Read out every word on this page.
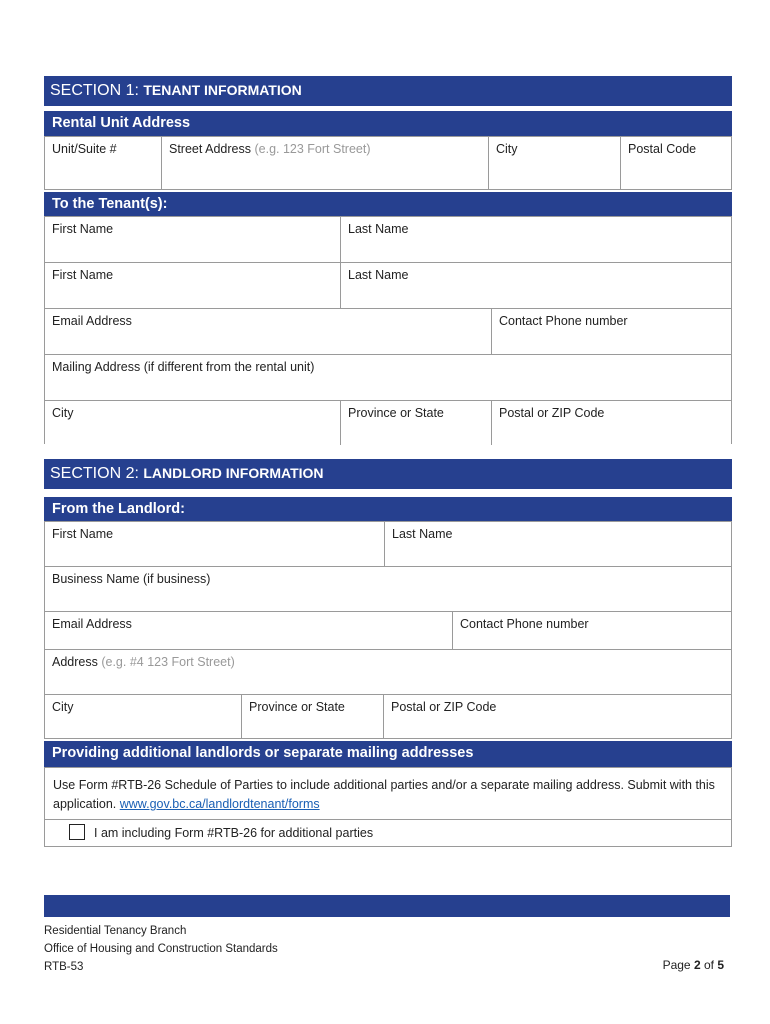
SECTION 1: TENANT INFORMATION
Rental Unit Address
Unit/Suite #	Street Address (e.g. 123 Fort Street)	City	Postal Code
To the Tenant(s):
First Name	Last Name
First Name	Last Name
Email Address	Contact Phone number
Mailing Address (if different from the rental unit)
City	Province or State	Postal or ZIP Code
SECTION 2: LANDLORD INFORMATION
From the Landlord:
First Name	Last Name
Business Name (if business)
Email Address	Contact Phone number
Address (e.g. #4 123 Fort Street)
City	Province or State	Postal or ZIP Code
Providing additional landlords or separate mailing addresses
Use Form #RTB-26 Schedule of Parties to include additional parties and/or a separate mailing address. Submit with this application. www.gov.bc.ca/landlordtenant/forms
I am including Form #RTB-26 for additional parties
Residential Tenancy Branch
Office of Housing and Construction Standards
RTB-53	Page 2 of 5
